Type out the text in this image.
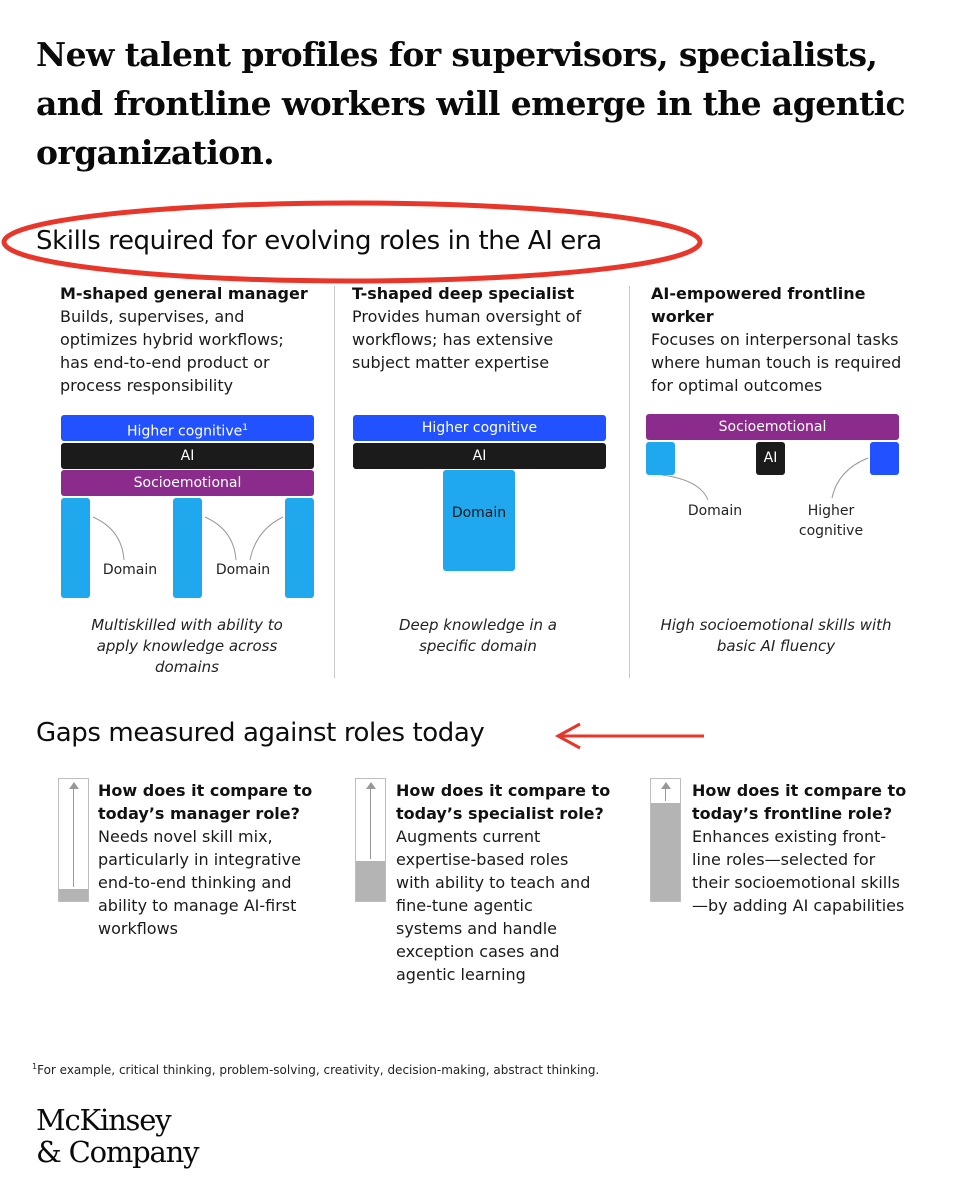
New talent profiles for supervisors, specialists, and frontline workers will emerge in the agentic organization.
Skills required for evolving roles in the AI era
M-shaped general manager
Builds, supervises, and optimizes hybrid workflows; has end-to-end product or process responsibility
Higher cognitive$^1$
AI
Socioemotional
Domain	Domain
Multiskilled with ability to apply knowledge across domains
T-shaped deep specialist
Provides human oversight of workflows; has extensive subject matter expertise
Higher cognitive
AI
Domain
Deep knowledge in a specific domain
AI-empowered frontline worker
Focuses on interpersonal tasks where human touch is required for optimal outcomes
Socioemotional
AI
Domain	Higher cognitive
High socioemotional skills with basic AI fluency
Gaps measured against roles today
How does it compare to today’s manager role?
Needs novel skill mix, particularly in integrative end-to-end thinking and ability to manage AI-first workflows
How does it compare to today’s specialist role?
Augments current expertise-based roles with ability to teach and fine-tune agentic systems and handle exception cases and agentic learning
How does it compare to today’s frontline role?
Enhances existing front-line roles—selected for their socioemotional skills—by adding AI capabilities
$^1$For example, critical thinking, problem-solving, creativity, decision-making, abstract thinking.
McKinsey
& Company
